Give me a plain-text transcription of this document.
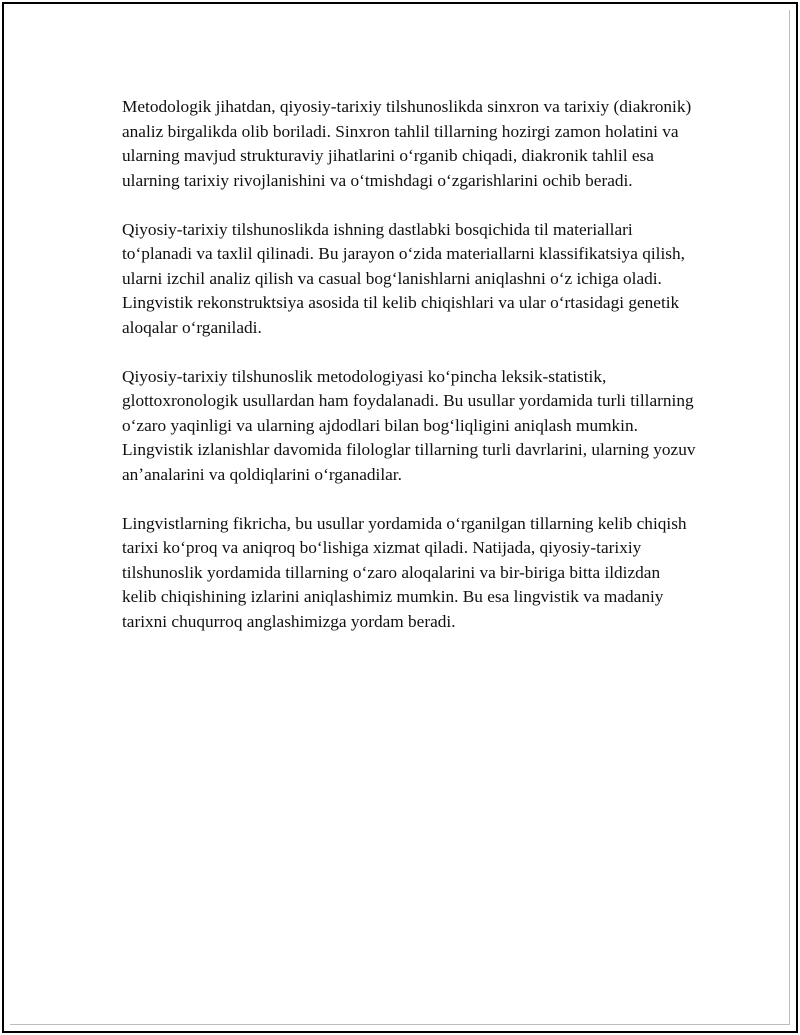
Metodologik jihatdan, qiyosiy-tarixiy tilshunoslikda sinxron va tarixiy (diakronik) analiz birgalikda olib boriladi. Sinxron tahlil tillarning hozirgi zamon holatini va ularning mavjud strukturaviy jihatlarini oʻrganib chiqadi, diakronik tahlil esa ularning tarixiy rivojlanishini va oʻtmishdagi oʻzgarishlarini ochib beradi.

Qiyosiy-tarixiy tilshunoslikda ishning dastlabki bosqichida til materiallari toʻplanadi va taxlil qilinadi. Bu jarayon oʻzida materiallarni klassifikatsiya qilish, ularni izchil analiz qilish va casual bogʻlanishlarni aniqlashni oʻz ichiga oladi. Lingvistik rekonstruktsiya asosida til kelib chiqishlari va ular oʻrtasidagi genetik aloqalar oʻrganiladi.

Qiyosiy-tarixiy tilshunoslik metodologiyasi koʻpincha leksik-statistik, glottoxronologik usullardan ham foydalanadi. Bu usullar yordamida turli tillarning oʻzaro yaqinligi va ularning ajdodlari bilan bogʻliqligini aniqlash mumkin. Lingvistik izlanishlar davomida filologlar tillarning turli davrlarini, ularning yozuv anʼanalarini va qoldiqlarini oʻrganadilar.

Lingvistlarning fikricha, bu usullar yordamida oʻrganilgan tillarning kelib chiqish tarixi koʻproq va aniqroq boʻlishiga xizmat qiladi. Natijada, qiyosiy-tarixiy tilshunoslik yordamida tillarning oʻzaro aloqalarini va bir-biriga bitta ildizdan kelib chiqishining izlarini aniqlashimiz mumkin. Bu esa lingvistik va madaniy tarixni chuqurroq anglashimizga yordam beradi.
